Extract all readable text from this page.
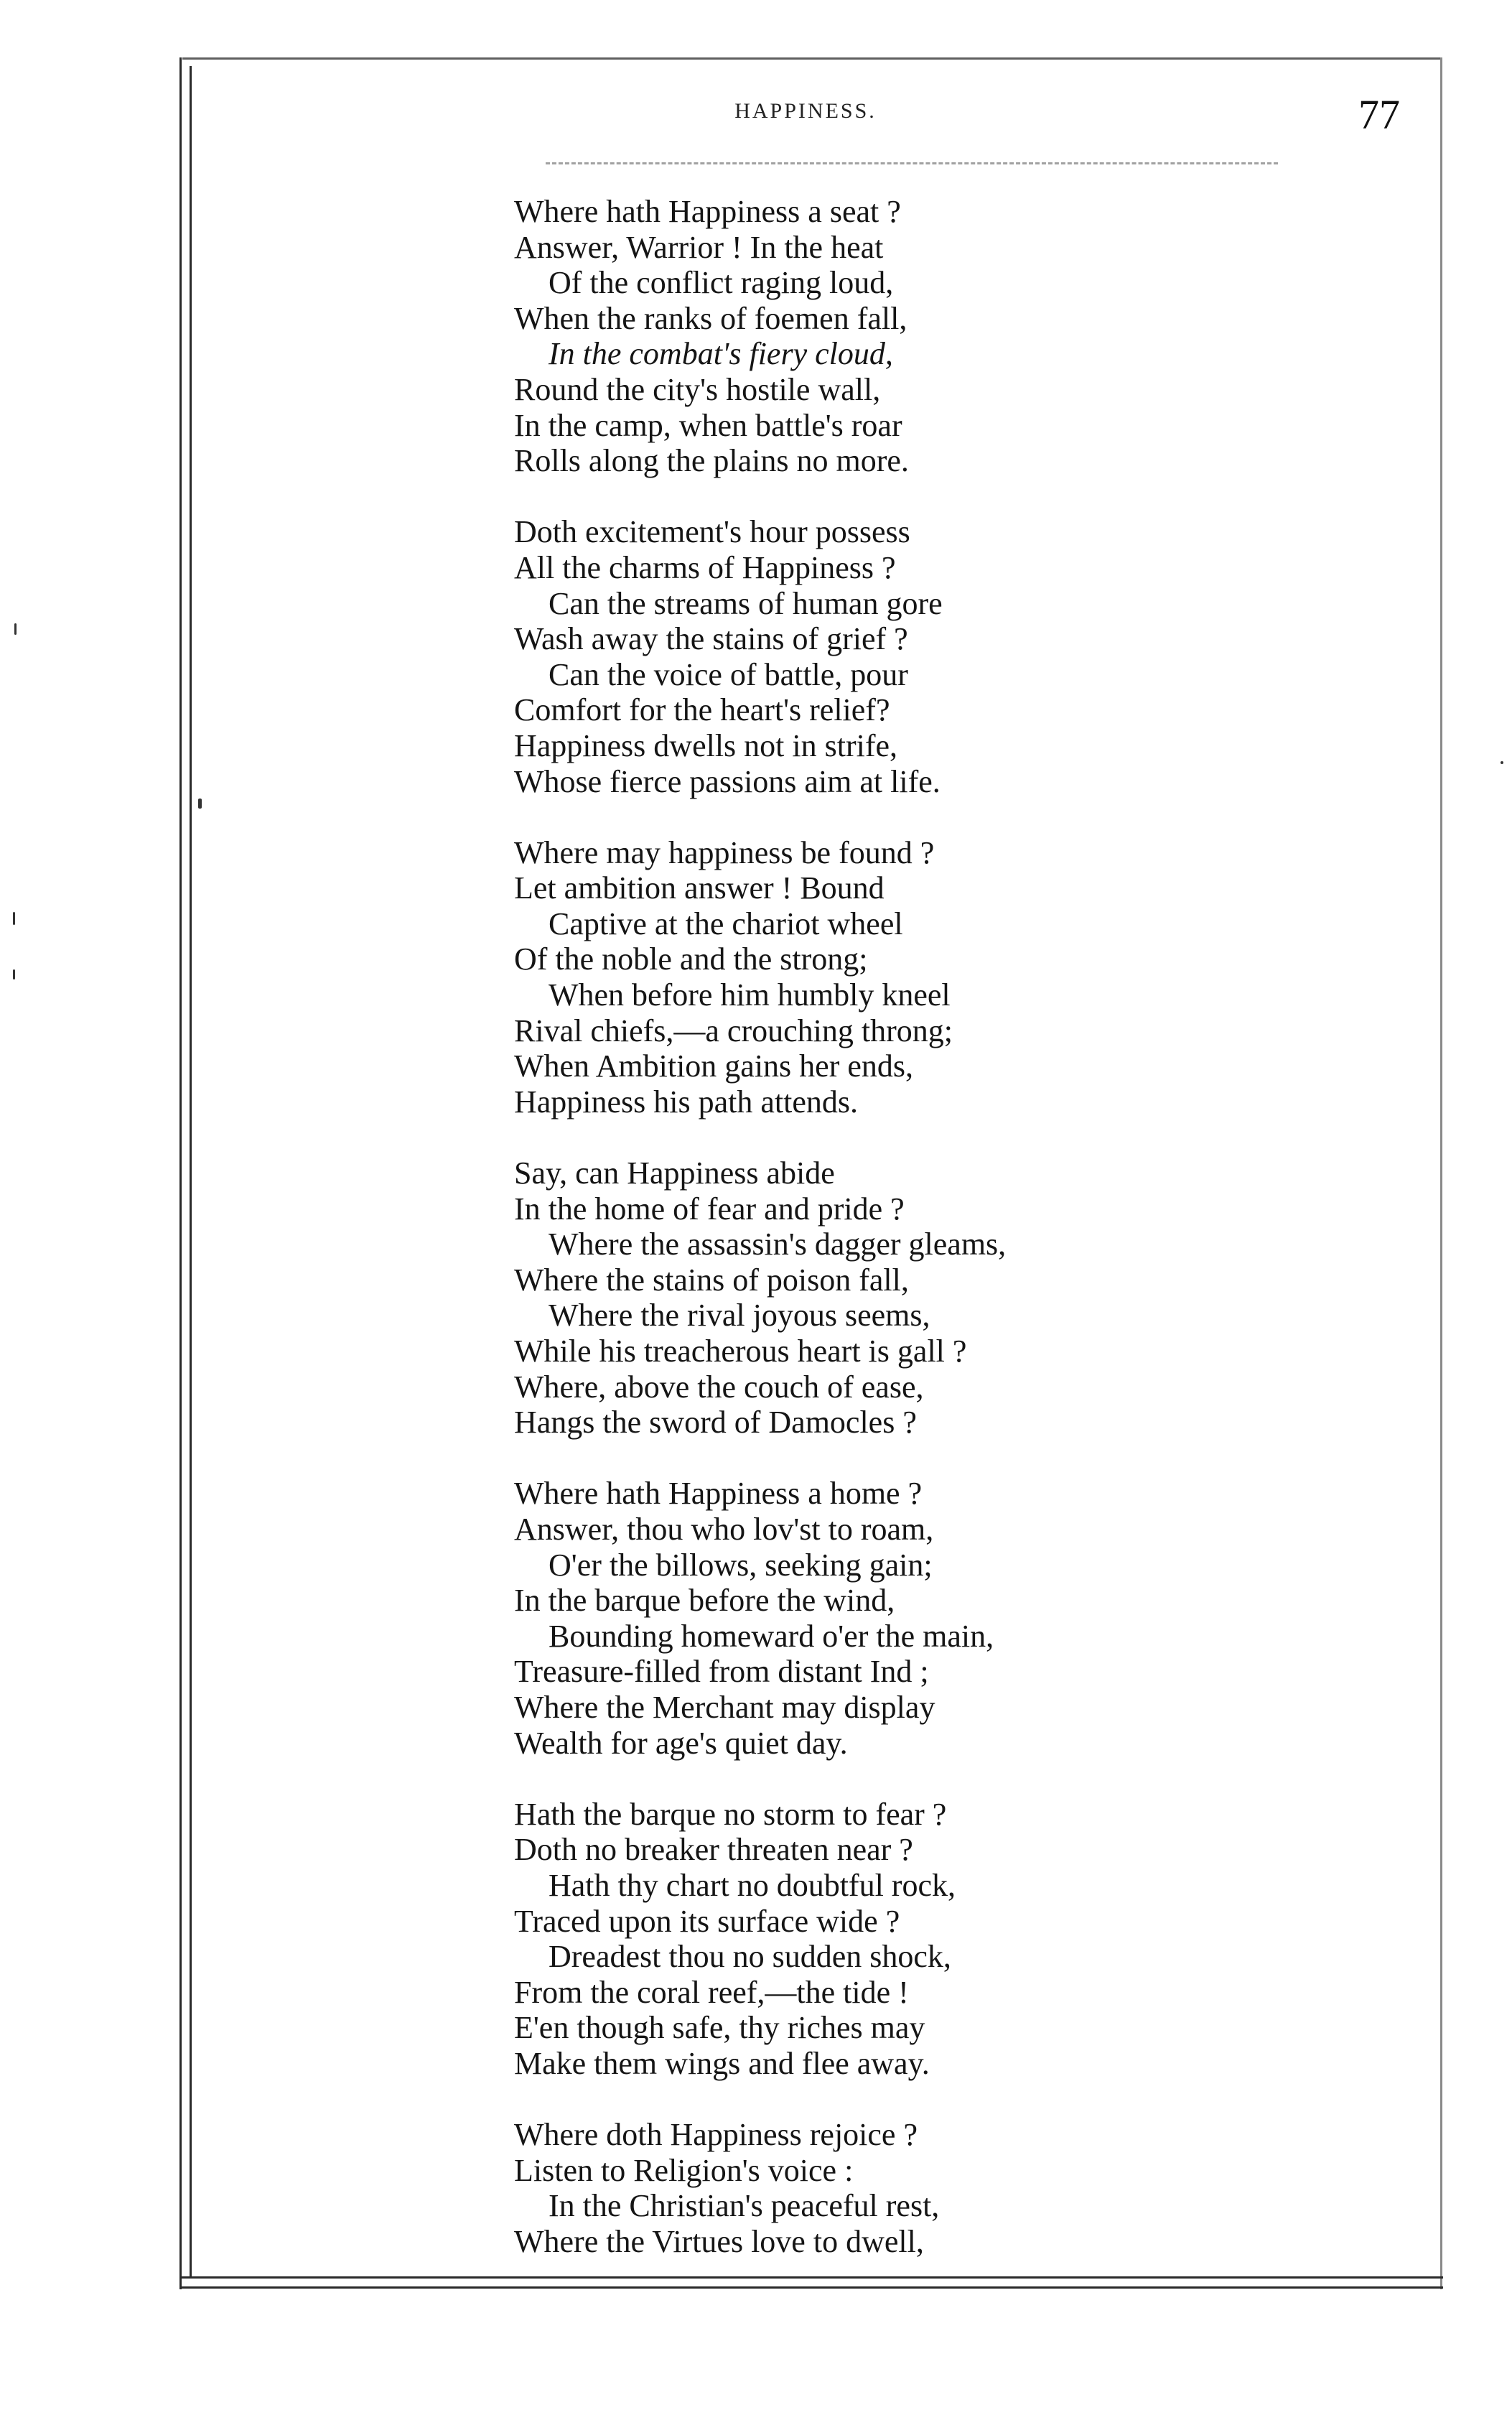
HAPPINESS.	77
Where hath Happiness a seat ?
Answer, Warrior ! In the heat
Of the conflict raging loud,
When the ranks of foemen fall,
In the combat's fiery cloud,
Round the city's hostile wall,
In the camp, when battle's roar
Rolls along the plains no more.
Doth excitement's hour possess
All the charms of Happiness ?
Can the streams of human gore
Wash away the stains of grief ?
Can the voice of battle, pour
Comfort for the heart's relief?
Happiness dwells not in strife,
Whose fierce passions aim at life.
Where may happiness be found ?
Let ambition answer ! Bound
Captive at the chariot wheel
Of the noble and the strong;
When before him humbly kneel
Rival chiefs,—a crouching throng;
When Ambition gains her ends,
Happiness his path attends.
Say, can Happiness abide
In the home of fear and pride ?
Where the assassin's dagger gleams,
Where the stains of poison fall,
Where the rival joyous seems,
While his treacherous heart is gall ?
Where, above the couch of ease,
Hangs the sword of Damocles ?
Where hath Happiness a home ?
Answer, thou who lov'st to roam,
O'er the billows, seeking gain;
In the barque before the wind,
Bounding homeward o'er the main,
Treasure-filled from distant Ind ;
Where the Merchant may display
Wealth for age's quiet day.
Hath the barque no storm to fear ?
Doth no breaker threaten near ?
Hath thy chart no doubtful rock,
Traced upon its surface wide ?
Dreadest thou no sudden shock,
From the coral reef,—the tide !
E'en though safe, thy riches may
Make them wings and flee away.
Where doth Happiness rejoice ?
Listen to Religion's voice :
In the Christian's peaceful rest,
Where the Virtues love to dwell,
